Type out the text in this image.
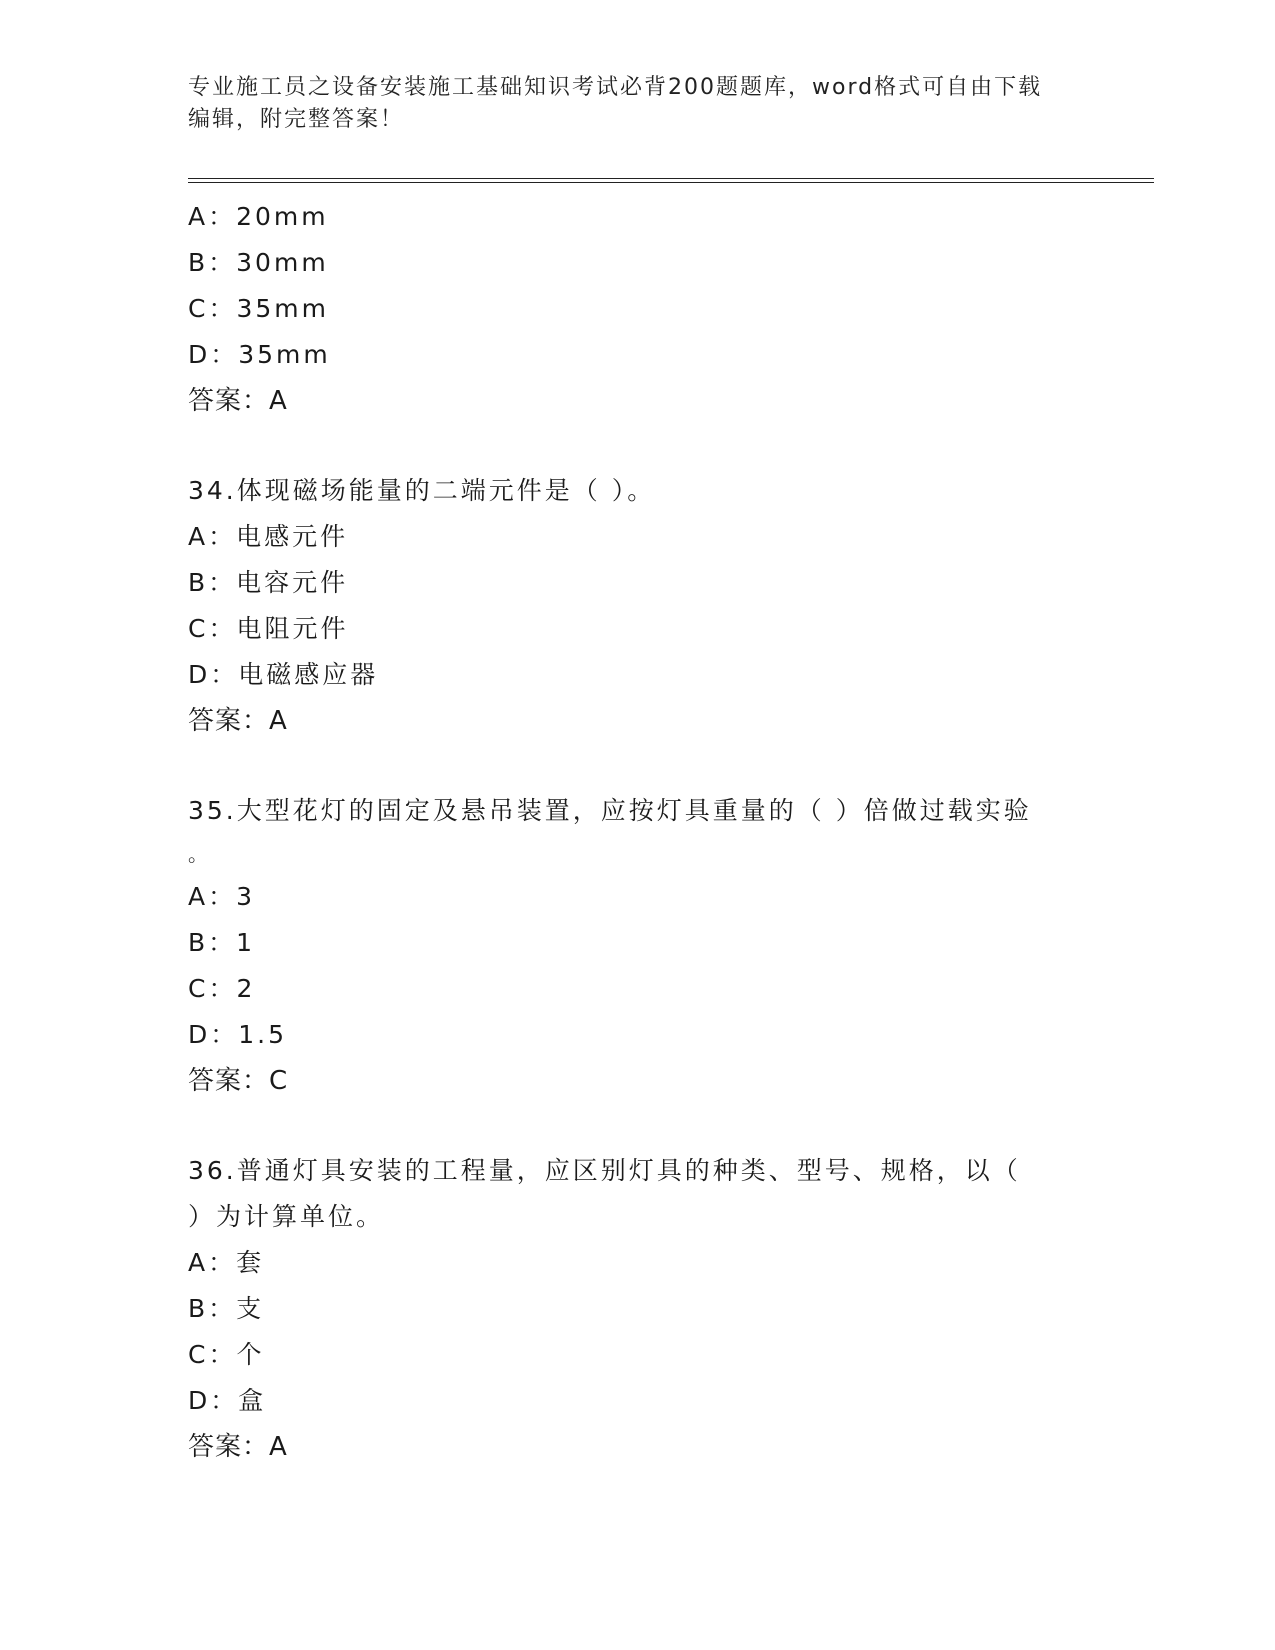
专业施工员之设备安装施工基础知识考试必背200题题库，word格式可自由下载
编辑，附完整答案！
A：20mm
B：30mm
C：35mm
D：35mm
答案：A
34.体现磁场能量的二端元件是（ ）。
A：电感元件
B：电容元件
C：电阻元件
D：电磁感应器
答案：A
35.大型花灯的固定及悬吊装置，应按灯具重量的（ ）倍做过载实验
。
A：3
B：1
C：2
D：1.5
答案：C
36.普通灯具安装的工程量，应区别灯具的种类、型号、规格，以（
）为计算单位。
A：套
B：支
C：个
D：盒
答案：A
